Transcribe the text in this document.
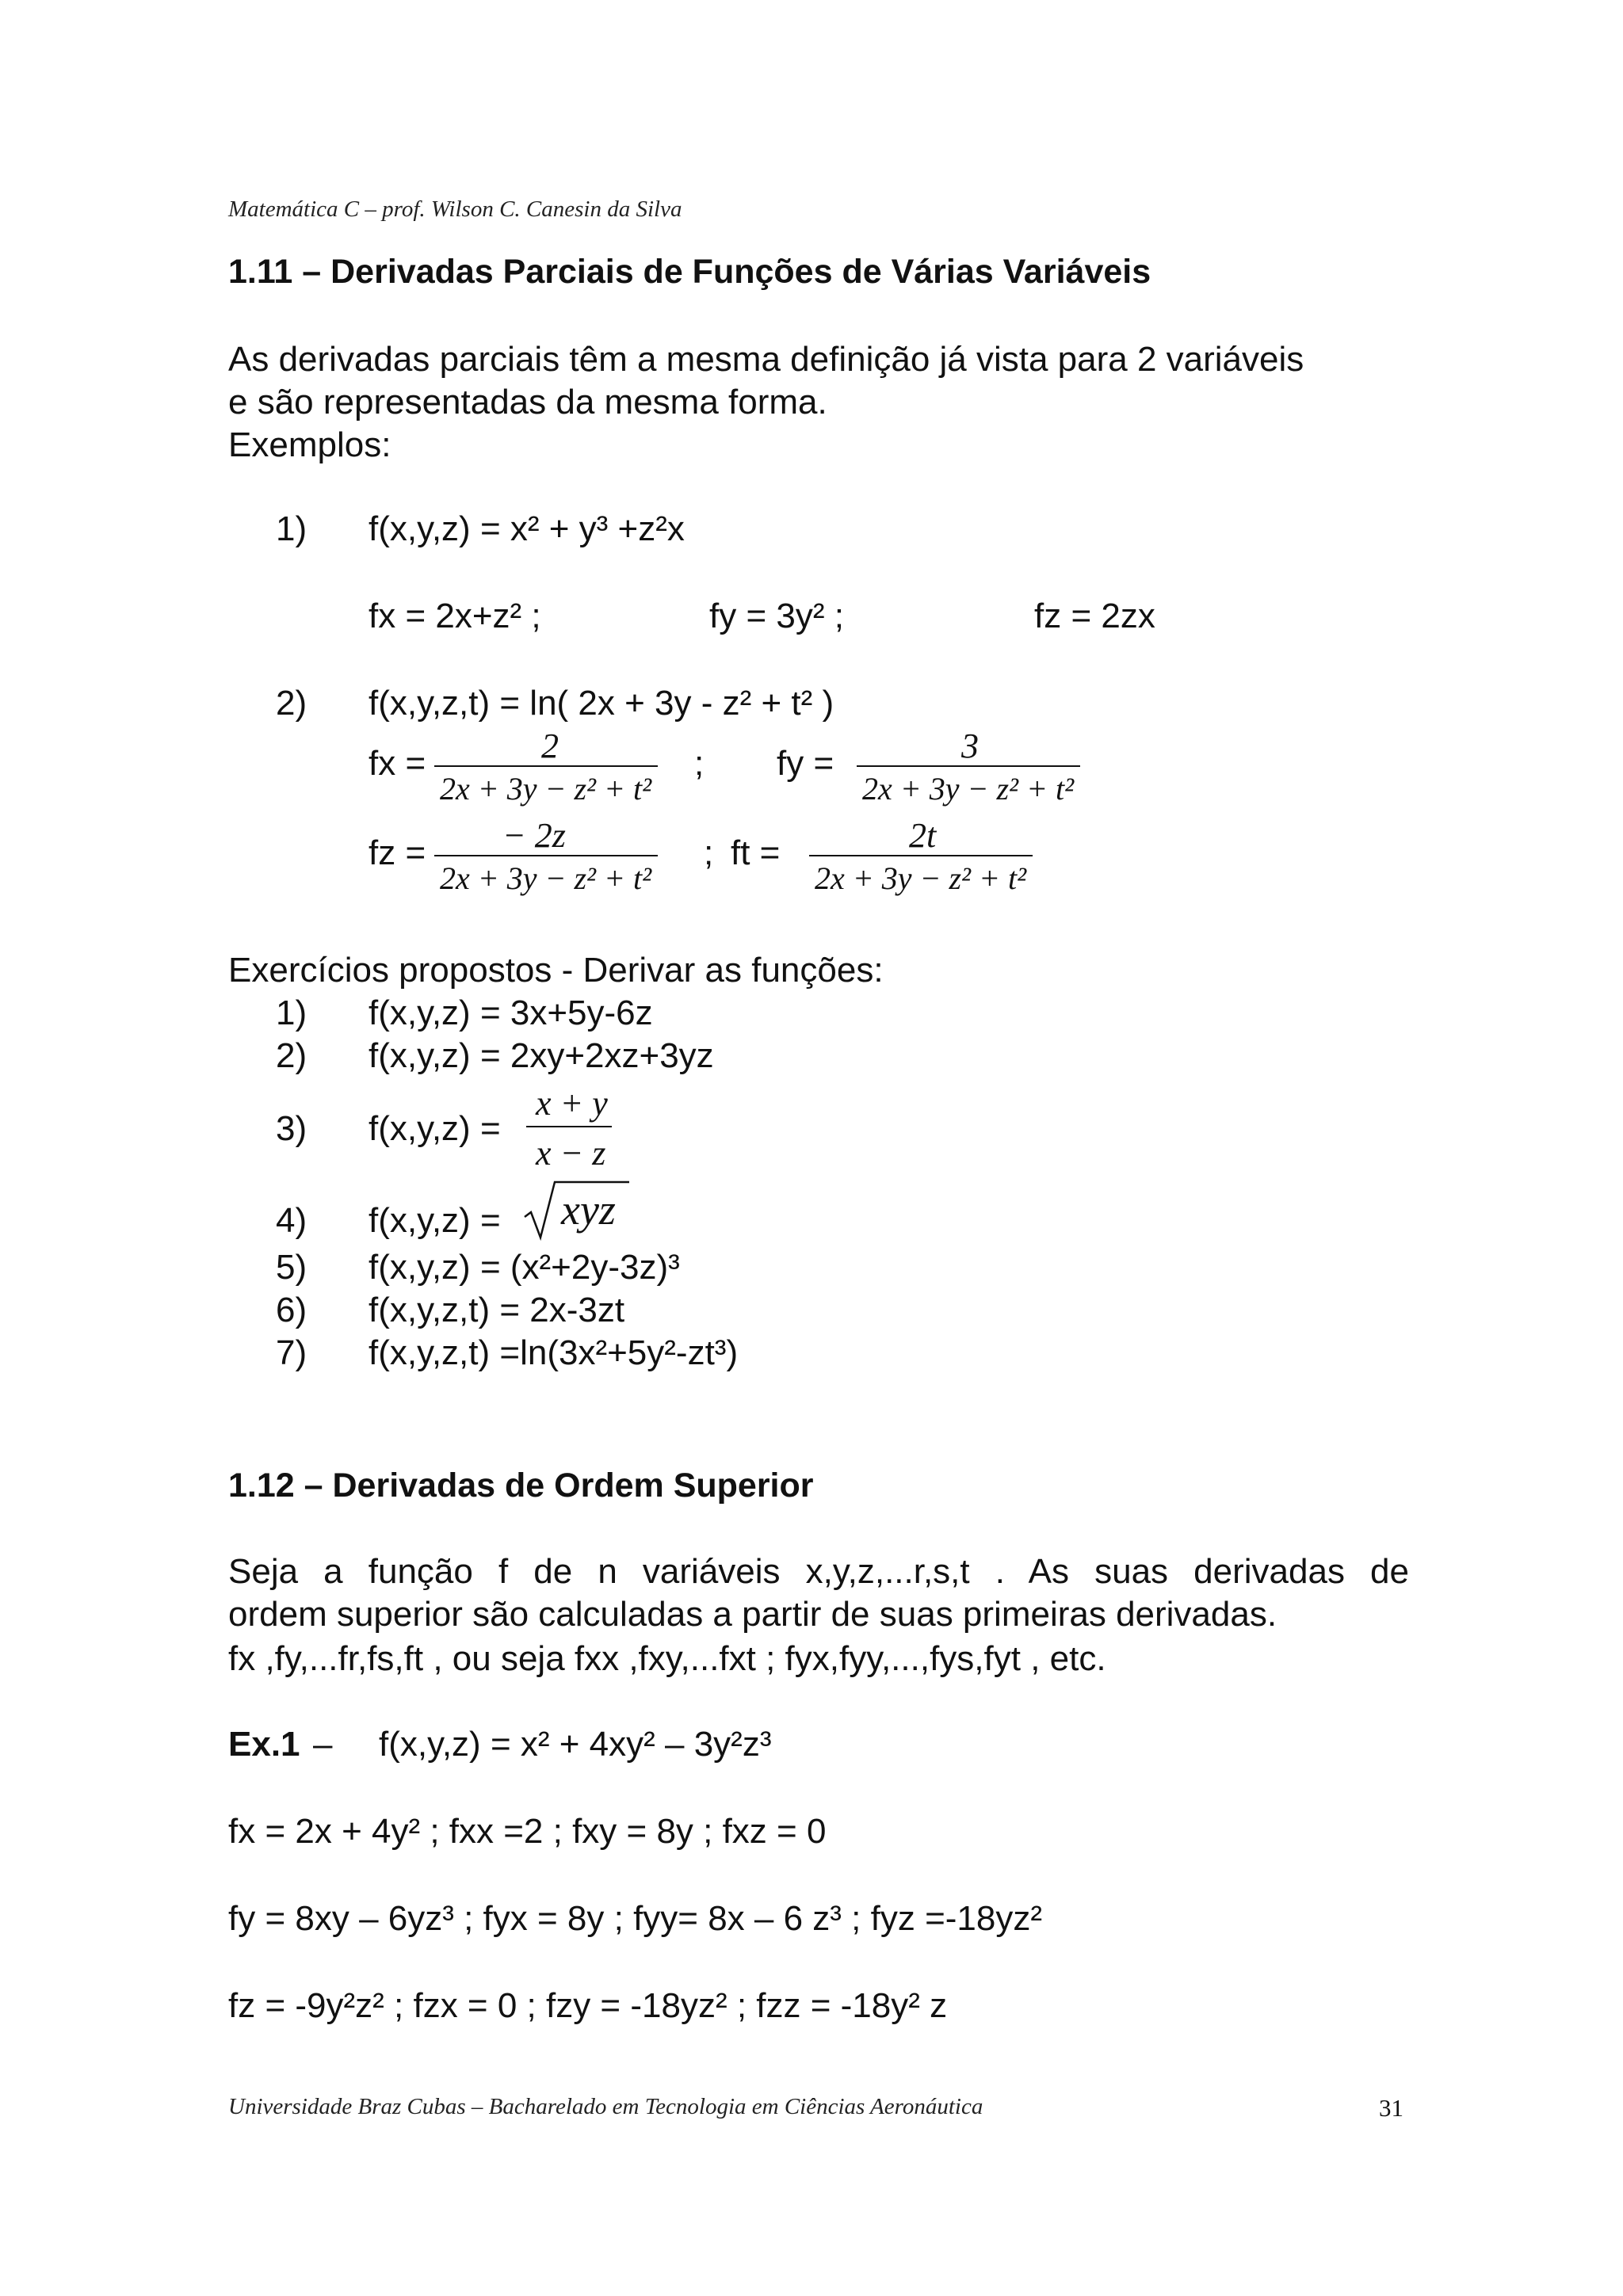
Matemática C – prof. Wilson C. Canesin da Silva
1.11 – Derivadas Parciais de Funções de Várias Variáveis
As derivadas parciais têm a mesma definição já vista para 2 variáveis
e são representadas da mesma forma.
Exemplos:
1) f(x,y,z) = x² + y³ +z²x
fx = 2x+z² ;	fy = 3y² ;	fz = 2zx
2) f(x,y,z,t) = ln( 2x + 3y - z² + t² )
fx =	2
2x + 3y − z² + t²
; fy =	3
2x + 3y − z² + t²
fz = − 2z
2x + 3y − z² + t²
; ft =	2t
2x + 3y − z² + t²
Exercícios propostos - Derivar as funções:
1) f(x,y,z) = 3x+5y-6z
2) f(x,y,z) = 2xy+2xz+3yz
3) f(x,y,z) =
x + y
x − z
4) f(x,y,z) = xyz
5) f(x,y,z) = (x²+2y-3z)³
6) f(x,y,z,t) = 2x-3zt
7) f(x,y,z,t) =ln(3x²+5y²-zt³)
1.12 – Derivadas de Ordem Superior
Seja a função f de n variáveis x,y,z,...r,s,t . As suas derivadas de
ordem superior são calculadas a partir de suas primeiras derivadas.
fx ,fy,...fr,fs,ft , ou seja fxx ,fxy,...fxt ; fyx,fyy,...,fys,fyt , etc.
Ex.1 – f(x,y,z) = x² + 4xy² – 3y²z³
fx = 2x + 4y² ; fxx =2 ; fxy = 8y ; fxz = 0
fy = 8xy – 6yz³ ; fyx = 8y ; fyy= 8x – 6 z³ ; fyz =-18yz²
fz = -9y²z² ; fzx = 0 ; fzy = -18yz² ; fzz = -18y² z
Universidade Braz Cubas – Bacharelado em Tecnologia em Ciências Aeronáutica	31
